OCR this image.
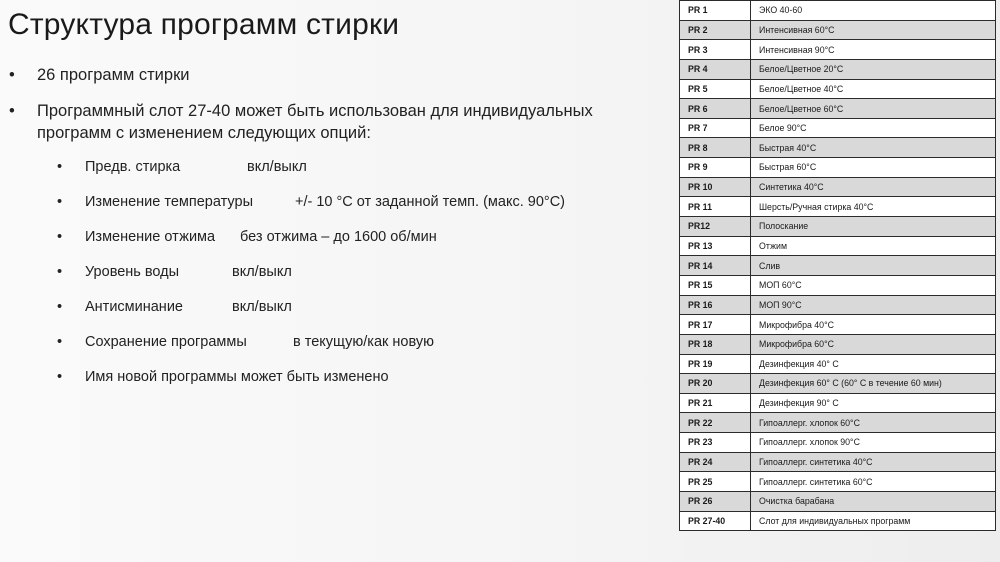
Структура программ стирки
• 26 программ стирки
• Программный слот 27-40 может быть использован для индивидуальных программ с изменением следующих опций:
• Предв. стирка	вкл/выкл
• Изменение температуры	+/- 10 °C от заданной темп. (макс. 90°C)
• Изменение отжима без отжима – до 1600 об/мин
• Уровень воды	вкл/выкл
• Антисминание	вкл/выкл
• Сохранение программы	в текущую/как новую
• Имя новой программы может быть изменено
PR 1	ЭКО 40-60
PR 2	Интенсивная 60°C
PR 3	Интенсивная 90°C
PR 4	Белое/Цветное 20°C
PR 5	Белое/Цветное 40°C
PR 6	Белое/Цветное 60°C
PR 7	Белое 90°C
PR 8	Быстрая 40°C
PR 9	Быстрая 60°C
PR 10	Синтетика 40°C
PR 11	Шерсть/Ручная стирка 40°C
PR12	Полоскание
PR 13	Отжим
PR 14	Слив
PR 15	МОП 60°C
PR 16	МОП 90°C
PR 17	Микрофибра 40°C
PR 18	Микрофибра 60°C
PR 19	Дезинфекция 40° C
PR 20	Дезинфекция 60° C (60° C в течение 60 мин)
PR 21	Дезинфекция 90° C
PR 22	Гипоаллерг. хлопок 60°C
PR 23	Гипоаллерг. хлопок 90°C
PR 24	Гипоаллерг. синтетика 40°C
PR 25	Гипоаллерг. синтетика 60°C
PR 26	Очистка барабана
PR 27-40	Слот для индивидуальных программ
